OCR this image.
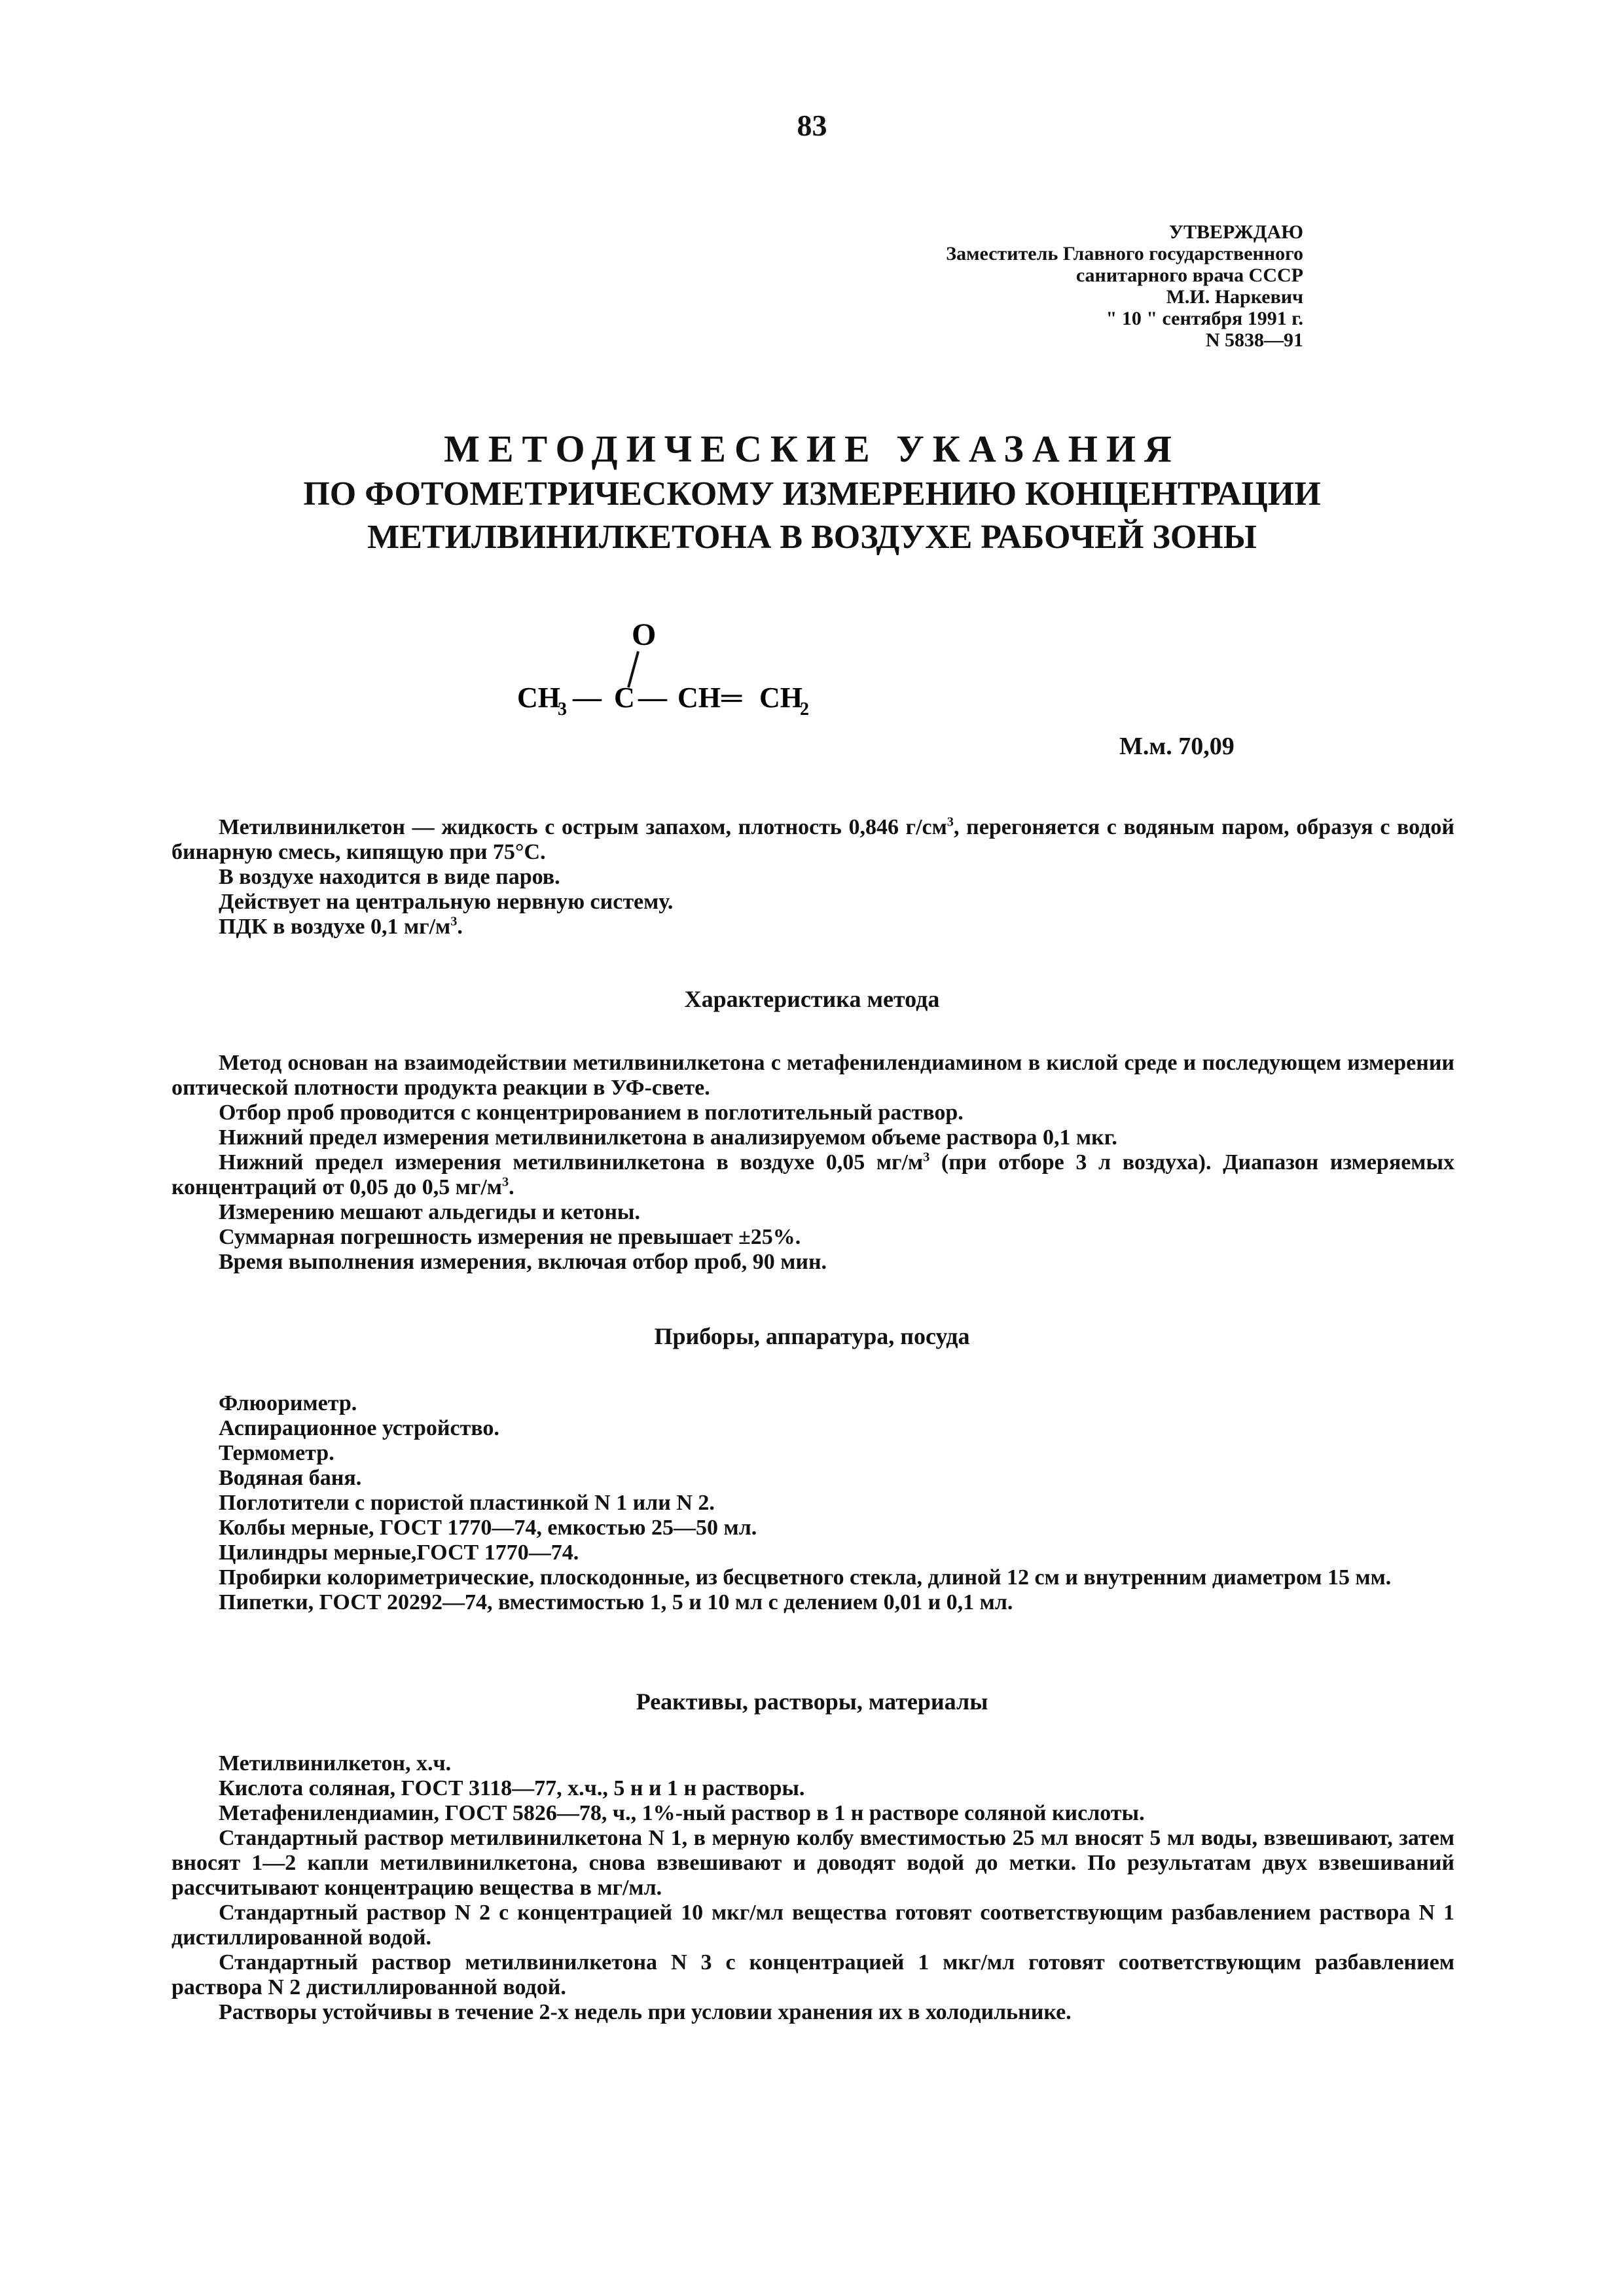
83
УТВЕРЖДАЮ
Заместитель Главного государственного
санитарного врача СССР
М.И. Наркевич
" 10 " сентября 1991 г.
N 5838—91
МЕТОДИЧЕСКИЕ УКАЗАНИЯ
ПО ФОТОМЕТРИЧЕСКОМУ ИЗМЕРЕНИЮ КОНЦЕНТРАЦИИ
МЕТИЛВИНИЛКЕТОНА В ВОЗДУХЕ РАБОЧЕЙ ЗОНЫ
O
CH
3 — C — CH ═ CH
2
М.м. 70,09

Метилвинилкетон — жидкость с острым запахом, плотность 0,846 $г/см^3$, перегоняется с водяным паром, образуя с водой бинарную смесь, кипящую при 75°С.

В воздухе находится в виде паров.

Действует на центральную нервную систему.

ПДК в воздухе 0,1 $мг/м^3$.

Характеристика метода

Метод основан на взаимодействии метилвинилкетона с метафенилендиамином в кислой среде и последующем измерении оптической плотности продукта реакции в УФ-свете.

Отбор проб проводится с концентрированием в поглотительный раствор.

Нижний предел измерения метилвинилкетона в анализируемом объеме раствора 0,1 мкг.

Нижний предел измерения метилвинилкетона в воздухе 0,05 $мг/м^3$ (при отборе 3 л воздуха). Диапазон измеряемых концентраций от 0,05 до 0,5 $мг/м^3$.

Измерению мешают альдегиды и кетоны.

Суммарная погрешность измерения не превышает ±25%.

Время выполнения измерения, включая отбор проб, 90 мин.

Приборы, аппаратура, посуда

Флюориметр.

Аспирационное устройство.

Термометр.

Водяная баня.

Поглотители с пористой пластинкой N 1 или N 2.

Колбы мерные, ГОСТ 1770—74, емкостью 25—50 мл.

Цилиндры мерные,ГОСТ 1770—74.

Пробирки колориметрические, плоскодонные, из бесцветного стекла, длиной 12 см и внутренним диаметром 15 мм.

Пипетки, ГОСТ 20292—74, вместимостью 1, 5 и 10 мл с делением 0,01 и 0,1 мл.

Реактивы, растворы, материалы

Метилвинилкетон, х.ч.

Кислота соляная, ГОСТ 3118—77, х.ч., 5 н и 1 н растворы.

Метафенилендиамин, ГОСТ 5826—78, ч., 1%-ный раствор в 1 н растворе соляной кислоты.

Стандартный раствор метилвинилкетона N 1, в мерную колбу вместимостью 25 мл вносят 5 мл воды, взвешивают, затем вносят 1—2 капли метилвинилкетона, снова взвешивают и доводят водой до метки. По результатам двух взвешиваний рассчитывают концентрацию вещества в мг/мл.

Стандартный раствор N 2 с концентрацией 10 мкг/мл вещества готовят соответствующим разбавлением раствора N 1 дистиллированной водой.

Стандартный раствор метилвинилкетона N 3 с концентрацией 1 мкг/мл готовят соответствующим разбавлением раствора N 2 дистиллированной водой.

Растворы устойчивы в течение 2-х недель при условии хранения их в холодильнике.
